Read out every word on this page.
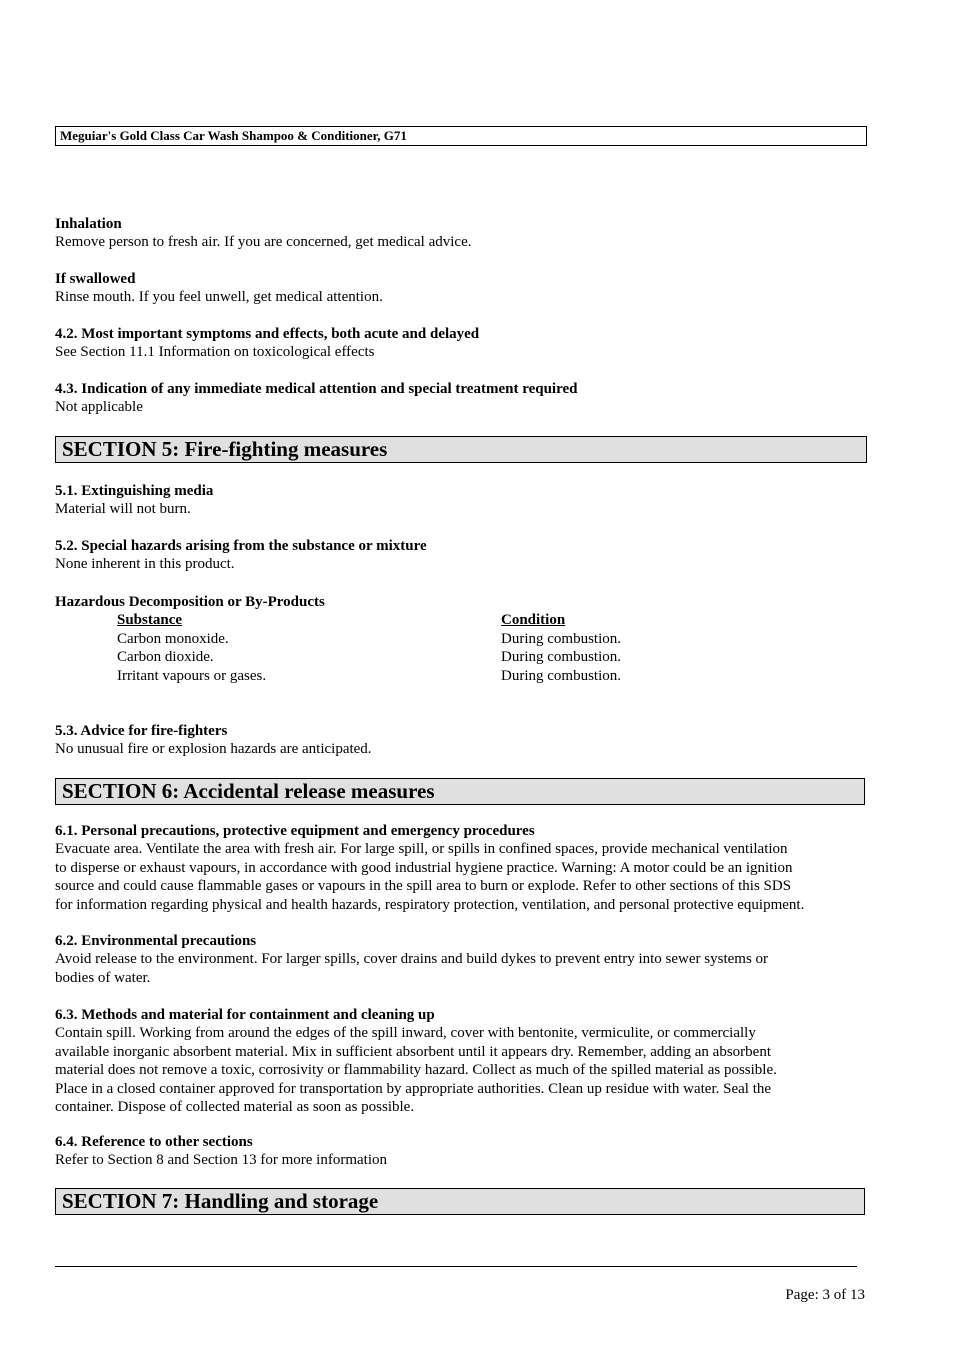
Meguiar's Gold Class Car Wash Shampoo & Conditioner, G71

Inhalation

Remove person to fresh air. If you are concerned, get medical advice.

If swallowed

Rinse mouth. If you feel unwell, get medical attention.

4.2. Most important symptoms and effects, both acute and delayed

See Section 11.1 Information on toxicological effects

4.3. Indication of any immediate medical attention and special treatment required

Not applicable

SECTION 5: Fire-fighting measures

5.1. Extinguishing media

Material will not burn.

5.2. Special hazards arising from the substance or mixture

None inherent in this product.

Hazardous Decomposition or By-Products

Substance
Carbon monoxide.
Carbon dioxide.
Irritant vapours or gases.
Condition
During combustion.
During combustion.
During combustion.

5.3. Advice for fire-fighters

No unusual fire or explosion hazards are anticipated.

SECTION 6: Accidental release measures

6.1. Personal precautions, protective equipment and emergency procedures

Evacuate area. Ventilate the area with fresh air. For large spill, or spills in confined spaces, provide mechanical ventilation

to disperse or exhaust vapours, in accordance with good industrial hygiene practice. Warning: A motor could be an ignition

source and could cause flammable gases or vapours in the spill area to burn or explode. Refer to other sections of this SDS

for information regarding physical and health hazards, respiratory protection, ventilation, and personal protective equipment.

6.2. Environmental precautions

Avoid release to the environment. For larger spills, cover drains and build dykes to prevent entry into sewer systems or

bodies of water.

6.3. Methods and material for containment and cleaning up

Contain spill. Working from around the edges of the spill inward, cover with bentonite, vermiculite, or commercially

available inorganic absorbent material. Mix in sufficient absorbent until it appears dry. Remember, adding an absorbent

material does not remove a toxic, corrosivity or flammability hazard. Collect as much of the spilled material as possible.

Place in a closed container approved for transportation by appropriate authorities. Clean up residue with water. Seal the

container. Dispose of collected material as soon as possible.

6.4. Reference to other sections

Refer to Section 8 and Section 13 for more information

SECTION 7: Handling and storage
Page: 3 of 13
